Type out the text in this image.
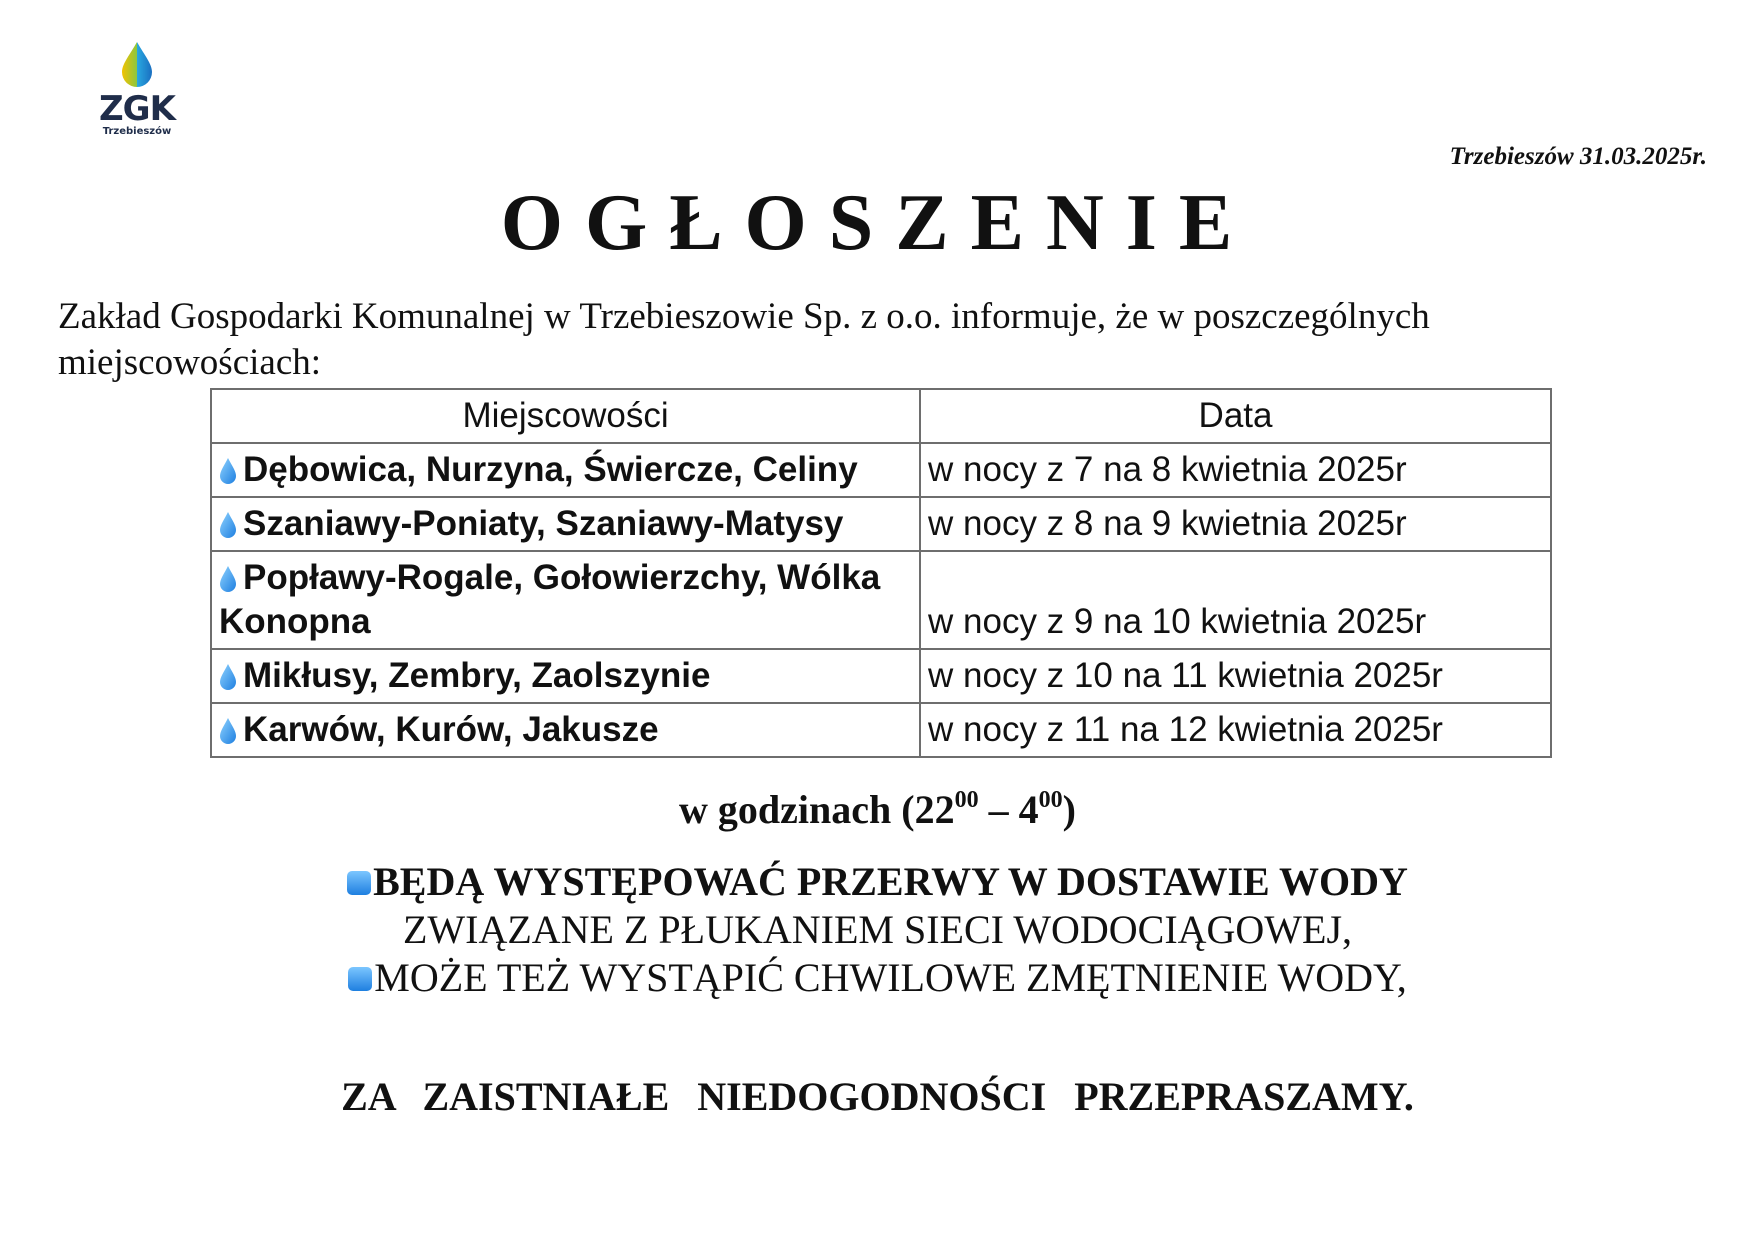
ZGK
Trzebieszów
Trzebieszów 31.03.2025r.
OGŁOSZENIE
Zakład Gospodarki Komunalnej w Trzebieszowie Sp. z o.o. informuje, że w poszczególnych miejscowościach:
Miejscowości	Data
Dębowica, Nurzyna, Świercze, Celiny	w nocy z 7 na 8 kwietnia 2025r
Szaniawy-Poniaty, Szaniawy-Matysy	w nocy z 8 na 9 kwietnia 2025r
Popławy-Rogale, Gołowierzchy, Wólka Konopna	w nocy z 9 na 10 kwietnia 2025r
Mikłusy, Zembry, Zaolszynie	w nocy z 10 na 11 kwietnia 2025r
Karwów, Kurów, Jakusze	w nocy z 11 na 12 kwietnia 2025r
w godzinach $(22^{00} - 4^{00})$
BĘDĄ WYSTĘPOWAĆ PRZERWY W DOSTAWIE WODY
ZWIĄZANE Z PŁUKANIEM SIECI WODOCIĄGOWEJ,
MOŻE TEŻ WYSTĄPIĆ CHWILOWE ZMĘTNIENIE WODY,
ZA ZAISTNIAŁE NIEDOGODNOŚCI PRZEPRASZAMY.
